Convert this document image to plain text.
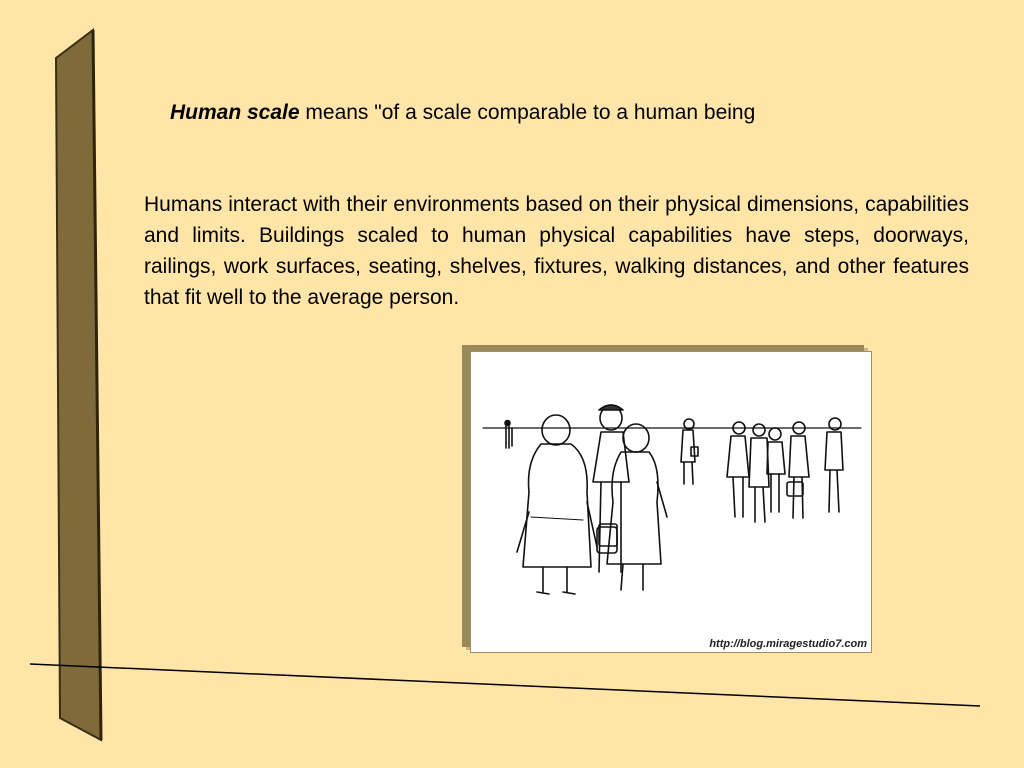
Human scale means "of a scale comparable to a human being

Humans interact with their environments based on their physical dimensions, capabilities and limits. Buildings scaled to human physical capabilities have steps, doorways, railings, work surfaces, seating, shelves, fixtures, walking distances, and other features that fit well to the average person.

http://blog.miragestudio7.com
